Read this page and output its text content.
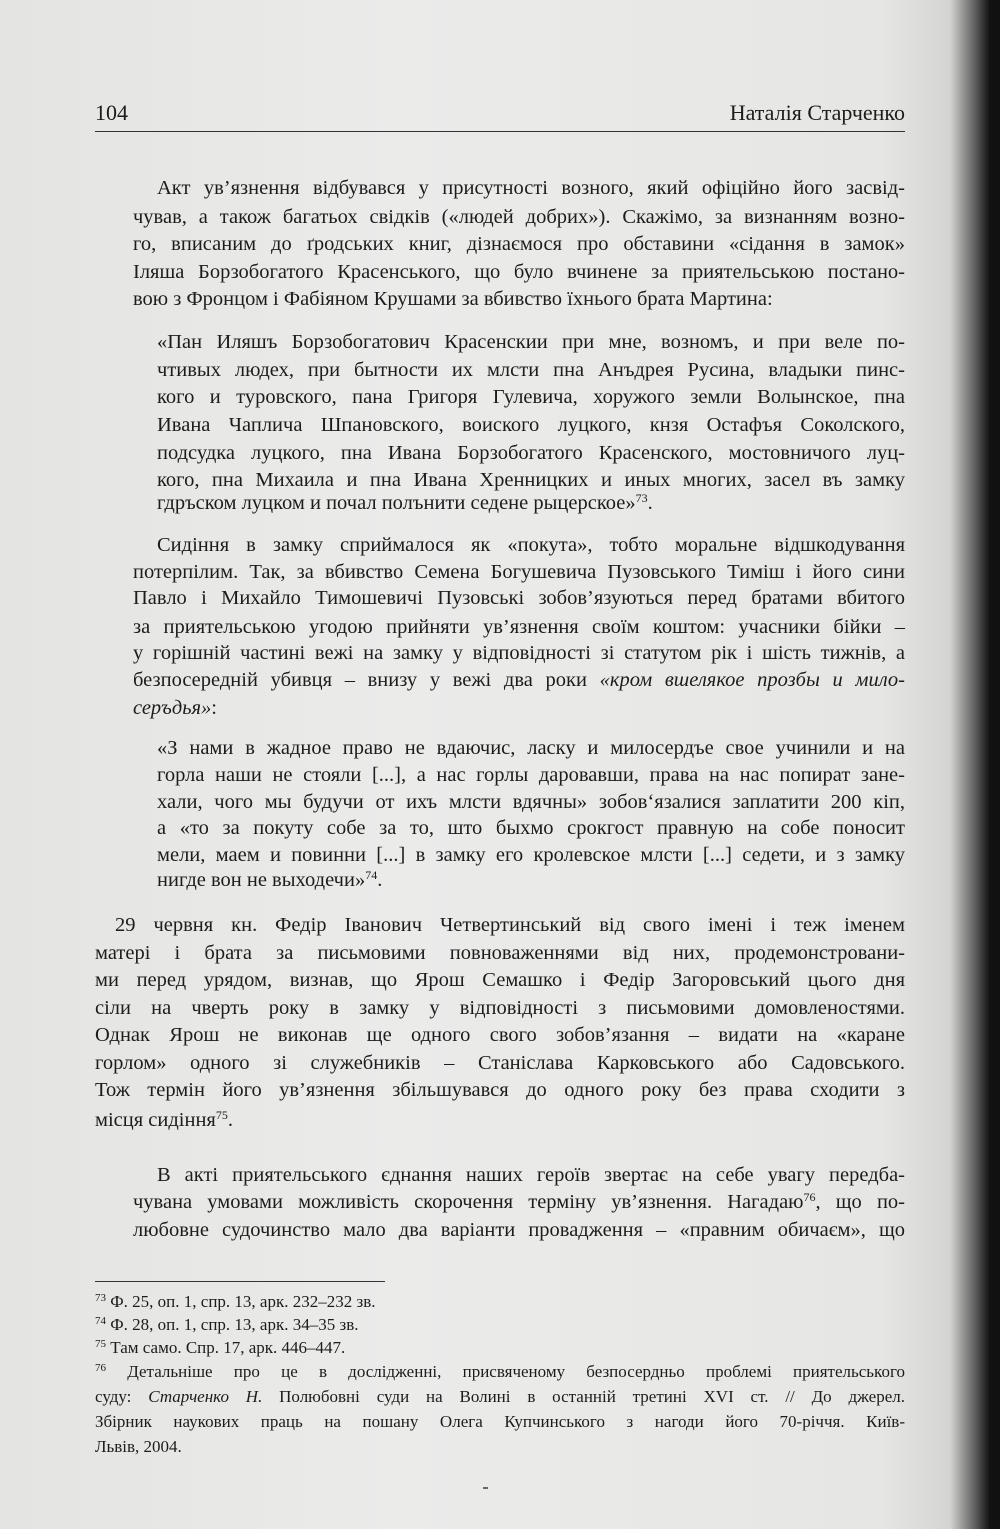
104	Наталія Старченко
Акт ув’язнення відбувався у присутності возного, який офіційно його засвід-
чував, а також багатьох свідків («людей добрих»). Скажімо, за визнанням возно-
го, вписаним до ґродських книг, дізнаємося про обставини «сідання в замок»
Іляша Борзобогатого Красенського, що було вчинене за приятельською постано-
вою з Фронцом і Фабіяном Крушами за вбивство їхнього брата Мартина:
«Пан Иляшъ Борзобогатович Красенскии при мне, возномъ, и при веле по-
чтивых людех, при бытности их млсти пна Анъдрея Русина, владыки пинс-
кого и туровского, пана Григоря Гулевича, хоружого земли Волынское, пна
Ивана Чаплича Шпановского, воиского луцкого, кнзя Остафъя Соколского,
подсудка луцкого, пна Ивана Борзобогатого Красенского, мостовничого луц-
кого, пна Михаила и пна Ивана Хренницких и иных многих, засел въ замку
гдръском луцком и почал полънити седене рыцерское»$^{73}$.
Сидіння в замку сприймалося як «покута», тобто моральне відшкодування
потерпілим. Так, за вбивство Семена Богушевича Пузовського Тиміш і його сини
Павло і Михайло Тимошевичі Пузовські зобов’язуються перед братами вбитого
за приятельською угодою прийняти ув’язнення своїм коштом: учасники бійки –
у горішній частині вежі на замку у відповідності зі статутом рік і шість тижнів, а
безпосередній убивця – внизу у вежі два роки «кром вшелякое прозбы и мило-
серъдья»:
«З нами в жадное право не вдаючис, ласку и милосердъе свое учинили и на
горла наши не стояли [...], а нас горлы даровавши, права на нас попират зане-
хали, чого мы будучи от ихъ млсти вдячны» зобов‘язалися заплатити 200 кіп,
а «то за покуту собе за то, што быхмо срокгост правную на собе поносит
мели, маем и повинни [...] в замку его кролевское млсти [...] седети, и з замку
нигде вон не выходечи»$^{74}$.
29 червня кн. Федір Іванович Четвертинський від свого імені і теж іменем
матері і брата за письмовими повноваженнями від них, продемонстровани-
ми перед урядом, визнав, що Ярош Семашко і Федір Загоровський цього дня
сіли на чверть року в замку у відповідності з письмовими домовленостями.
Однак Ярош не виконав ще одного свого зобов’язання – видати на «каране
горлом» одного зі служебників – Станіслава Карковського або Садовського.
Тож термін його ув’язнення збільшувався до одного року без права сходити з
місця сидіння$^{75}$.
В акті приятельського єднання наших героїв звертає на себе увагу передба-
чувана умовами можливість скорочення терміну ув’язнення. Нагадаю$^{76}$, що по-
любовне судочинство мало два варіанти провадження – «правним обичаєм», що
$^{73}$ Ф. 25, оп. 1, спр. 13, арк. 232–232 зв.
$^{74}$ Ф. 28, оп. 1, спр. 13, арк. 34–35 зв.
$^{75}$ Там само. Спр. 17, арк. 446–447.
$^{76}$ Детальніше про це в дослідженні, присвяченому безпосердньо проблемі приятельського
суду: Старченко Н. Полюбовні суди на Волині в останній третині XVI ст. // До джерел.
Збірник наукових праць на пошану Олега Купчинського з нагоди його 70-річчя. Київ-
Львів, 2004.
